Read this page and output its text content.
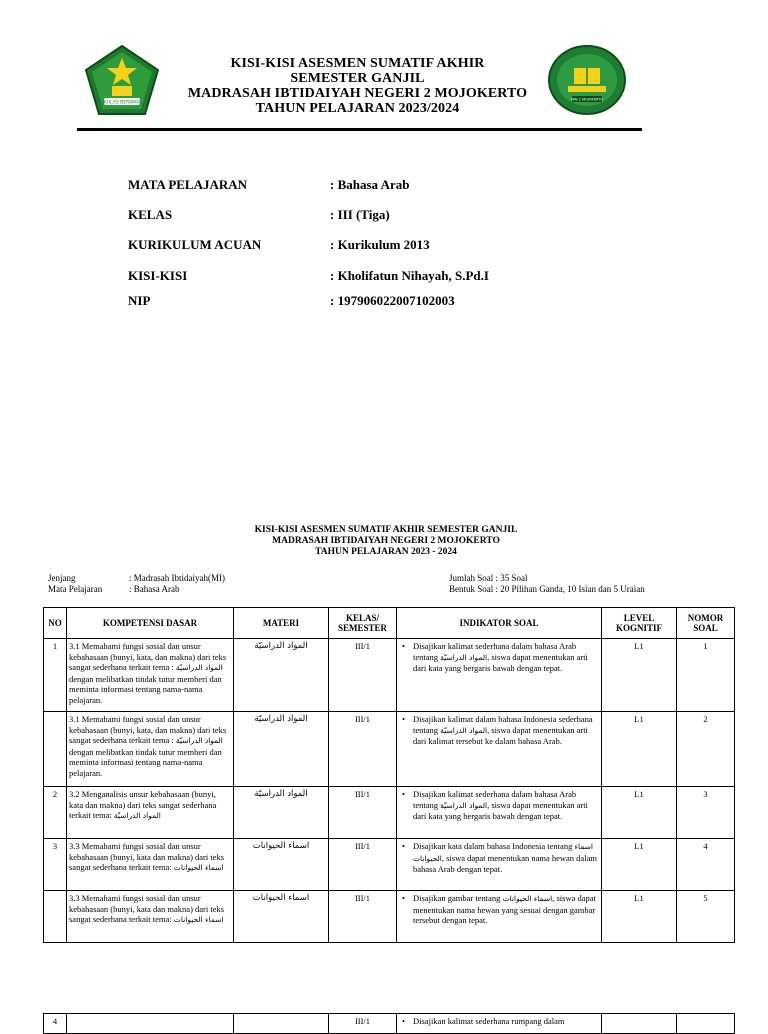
IKHLAS BERAMAL
MIN 2 MOJOKERTO
KISI-KISI ASESMEN SUMATIF AKHIR
SEMESTER GANJIL
MADRASAH IBTIDAIYAH NEGERI 2 MOJOKERTO
TAHUN PELAJARAN 2023/2024
MATA PELAJARAN	: Bahasa Arab
KELAS	: III (Tiga)
KURIKULUM ACUAN	: Kurikulum 2013
KISI-KISI	: Kholifatun Nihayah, S.Pd.I
NIP	: 197906022007102003
KISI-KISI ASESMEN SUMATIF AKHIR SEMESTER GANJIL
MADRASAH IBTIDAIYAH NEGERI 2 MOJOKERTO
TAHUN PELAJARAN 2023 - 2024
Jenjang	: Madrasah Ibtidaiyah(MI)
Mata Pelajaran	: Bahasa Arab
Jumlah Soal : 35 Soal
Bentuk Soal : 20 Pilihan Ganda, 10 Isian dan 5 Uraian
NO	KOMPETENSI DASAR	MATERI	KELAS/ SEMESTER	INDIKATOR SOAL	LEVEL KOGNITIF	NOMOR SOAL
1	3.1 Memahami fungsi sosial dan unsur kebahasaan (bunyi, kata, dan makna) dari teks sangat sederhana terkait tema : المواد الدراسيّة dengan melibatkan tindak tutur memberi dan meminta informasi tentang nama-nama pelajaran.	المواد الدراسيّة	III/1	• Disajikan kalimat sederhana dalam bahasa Arab tentang المواد الدراسيّة, siswa dapat menentukan arti dari kata yang bergaris bawah dengan tepat.	L1	1
	3.1 Memahami fungsi sosial dan unsur kebahasaan (bunyi, kata, dan makna) dari teks sangat sederhana terkait tema : المواد الدراسيّة dengan melibatkan tindak tutur memberi dan meminta informasi tentang nama-nama pelajaran.	المواد الدراسيّة	III/1	• Disajikan kalimat dalam bahasa Indonesia sederhana tentang المواد الدراسيّة, siswa dapat menentukan arti dari kalimat tersebut ke dalam bahasa Arab.	L1	2
2	3.2 Menganalisis unsur kebahasaan (bunyi, kata dan makna) dari teks sangat sederhana terkait tema: المواد الدراسيّة	المواد الدراسيّة	III/1	• Disajikan kalimat sederhana dalam bahasa Arab tentang المواد الدراسيّة, siswa dapat menentukan arti dari kata yang bergaris bawah dengan tepat.	L1	3
3	3.3 Memahami fungsi sosial dan unsur kebahasaan (bunyi, kata dan makna) dari teks sangat sederhana terkait tema: اسماء الحيوانات	اسماء الحيوانات	III/1	• Disajikan kata dalam bahasa Indonesia tentang اسماء الحيوانات, siswa dapat menentukan nama hewan dalam bahasa Arab dengan tepat.	L1	4
	3.3 Memahami fungsi sosial dan unsur kebahasaan (bunyi, kata dan makna) dari teks sangat sederhana terkait tema: اسماء الحيوانات	اسماء الحيوانات	III/1	• Disajikan gambar tentang اسماء الحيوانات, siswa dapat menentukan nama hewan yang sesuai dengan gambar tersebut dengan tepat.	L1	5
4			III/1	• Disajikan kalimat sederhana rumpang dalam		
